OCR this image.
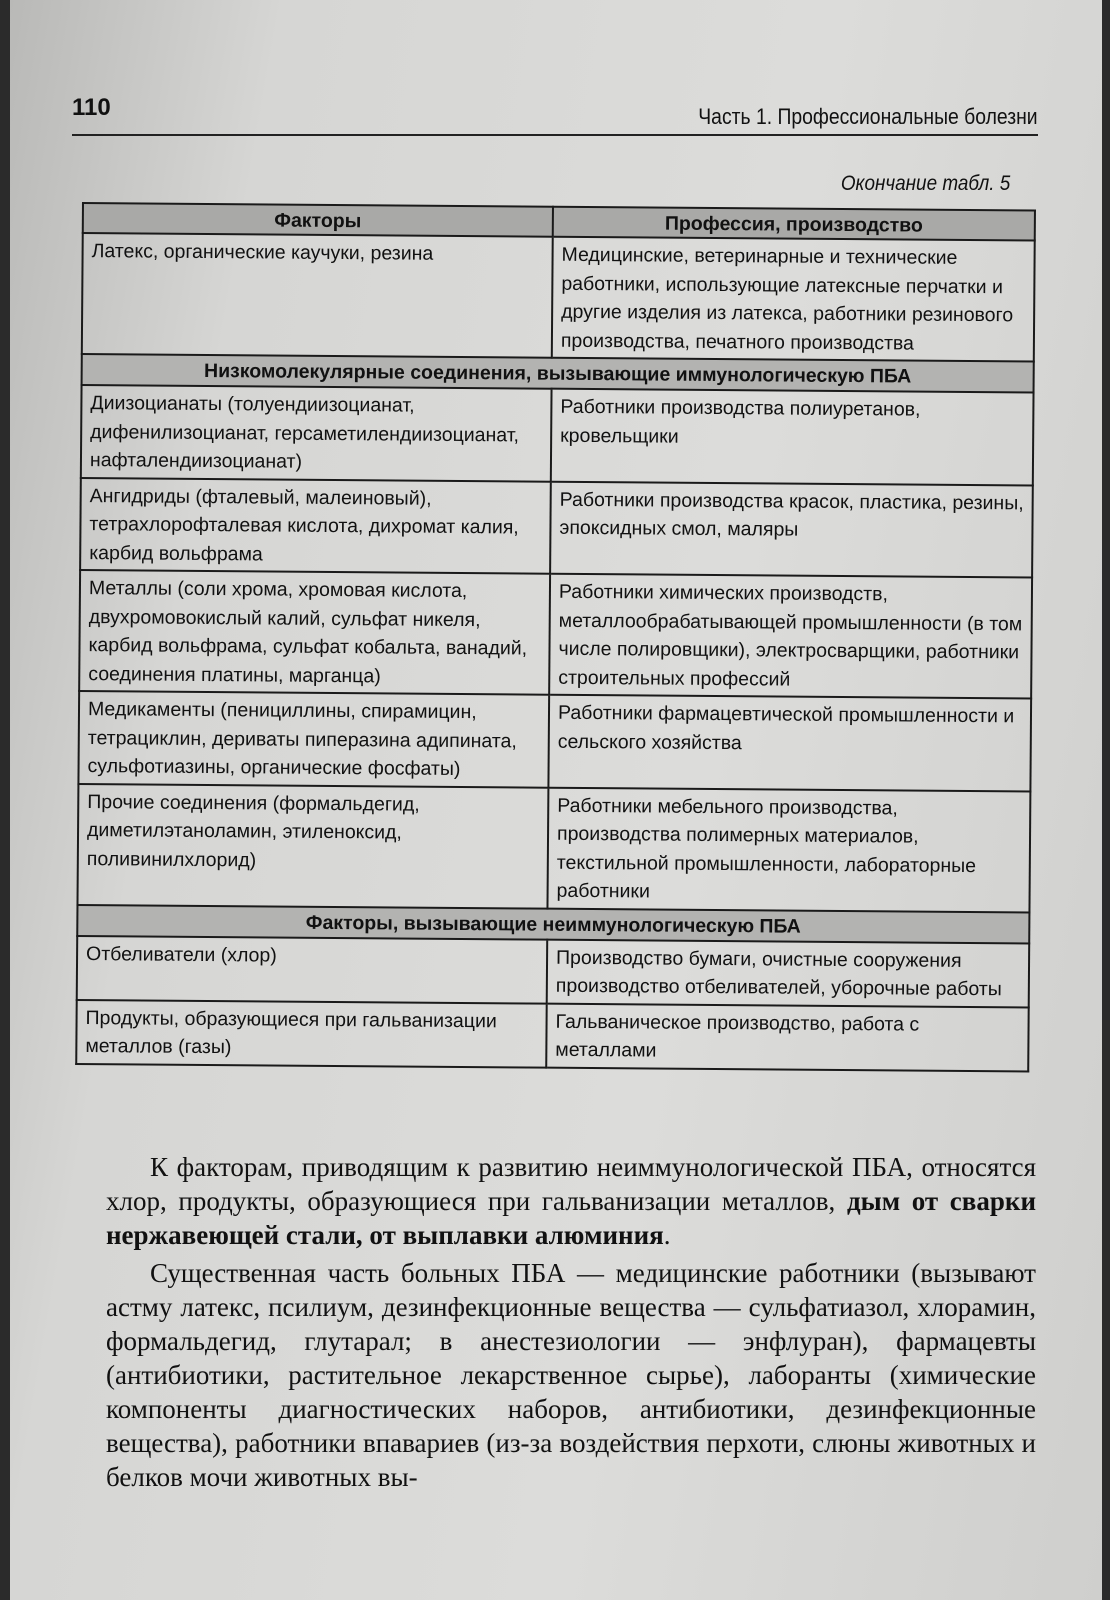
110	Часть 1. Профессиональные болезни
Окончание табл. 5
Факторы	Профессия, производство
Латекс, органические каучуки, резина	Медицинские, ветеринарные и технические работники, использующие латексные перчатки и другие изделия из латекса, работники резинового производства, печатного производства
Низкомолекулярные соединения, вызывающие иммунологическую ПБА	
Диизоцианаты (толуендиизоцианат, дифенилизоцианат, герсаметилендиизоцианат, нафталендиизоцианат)	Работники производства полиуретанов, кровельщики
Ангидриды (фталевый, малеиновый), тетрахлорофталевая кислота, дихромат калия, карбид вольфрама	Работники производства красок, пластика, резины, эпоксидных смол, маляры
Металлы (соли хрома, хромовая кислота, двухромовокислый калий, сульфат никеля, карбид вольфрама, сульфат кобальта, ванадий, соединения платины, марганца)	Работники химических производств, металлообрабатывающей промышленности (в том числе полировщики), электросварщики, работники строительных профессий
Медикаменты (пенициллины, спирамицин, тетрациклин, дериваты пиперазина адипината, сульфотиазины, органические фосфаты)	Работники фармацевтической промышленности и сельского хозяйства
Прочие соединения (формальдегид, диметилэтаноламин, этиленоксид, поливинилхлорид)	Работники мебельного производства, производства полимерных материалов, текстильной промышленности, лабораторные работники
Факторы, вызывающие неиммунологическую ПБА	
Отбеливатели (хлор)	Производство бумаги, очистные сооружения производство отбеливателей, уборочные работы
Продукты, образующиеся при гальванизации металлов (газы)	Гальваническое производство, работа с металлами

К факторам, приводящим к развитию неиммунологической ПБА, относятся хлор, продукты, образующиеся при гальванизации металлов, дым от сварки нержавеющей стали, от выплавки алюминия.

Существенная часть больных ПБА — медицинские работники (вызывают астму латекс, псилиум, дезинфекционные вещества — сульфатиазол, хлорамин, формальдегид, глутарал; в анестезиологии — энфлуран), фармацевты (антибиотики, растительное лекарственное сырье), лаборанты (химические компоненты диагностических наборов, антибиотики, дезинфекционные вещества), работники впавариев (из-за воздействия перхоти, слюны животных и белков мочи животных вы-
